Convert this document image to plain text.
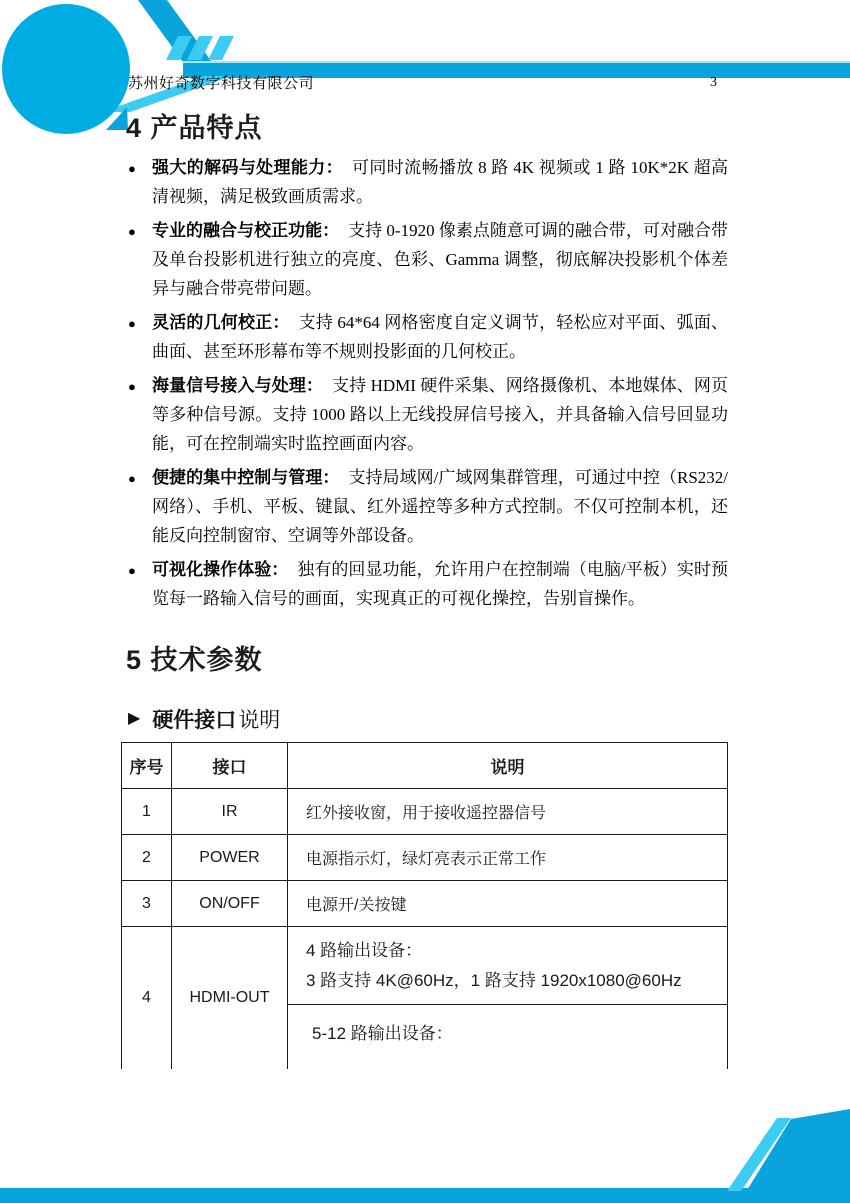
苏州好奇数字科技有限公司	3
4 产品特点
● 强大的解码与处理能力： 可同时流畅播放 8 路 4K 视频或 1 路 10K*2K 超高清视频，满足极致画质需求。
● 专业的融合与校正功能： 支持 0-1920 像素点随意可调的融合带，可对融合带及单台投影机进行独立的亮度、色彩、Gamma 调整，彻底解决投影机个体差异与融合带亮带问题。
● 灵活的几何校正： 支持 64*64 网格密度自定义调节，轻松应对平面、弧面、曲面、甚至环形幕布等不规则投影面的几何校正。
● 海量信号接入与处理： 支持 HDMI 硬件采集、网络摄像机、本地媒体、网页等多种信号源。支持 1000 路以上无线投屏信号接入，并具备输入信号回显功能，可在控制端实时监控画面内容。
● 便捷的集中控制与管理： 支持局域网/广域网集群管理，可通过中控（RS232/网络）、手机、平板、键鼠、红外遥控等多种方式控制。不仅可控制本机，还能反向控制窗帘、空调等外部设备。
● 可视化操作体验： 独有的回显功能，允许用户在控制端（电脑/平板）实时预览每一路输入信号的画面，实现真正的可视化操控，告别盲操作。
5 技术参数
▶ 硬件接口 说明
序号	接口	说明
1	IR	红外接收窗，用于接收遥控器信号
2	POWER	电源指示灯，绿灯亮表示正常工作
3	ON/OFF	电源开/关按键
4	HDMI-OUT	4 路输出设备：
3 路支持 4K@60Hz，1 路支持 1920x1080@60Hz

		5-12 路输出设备：
